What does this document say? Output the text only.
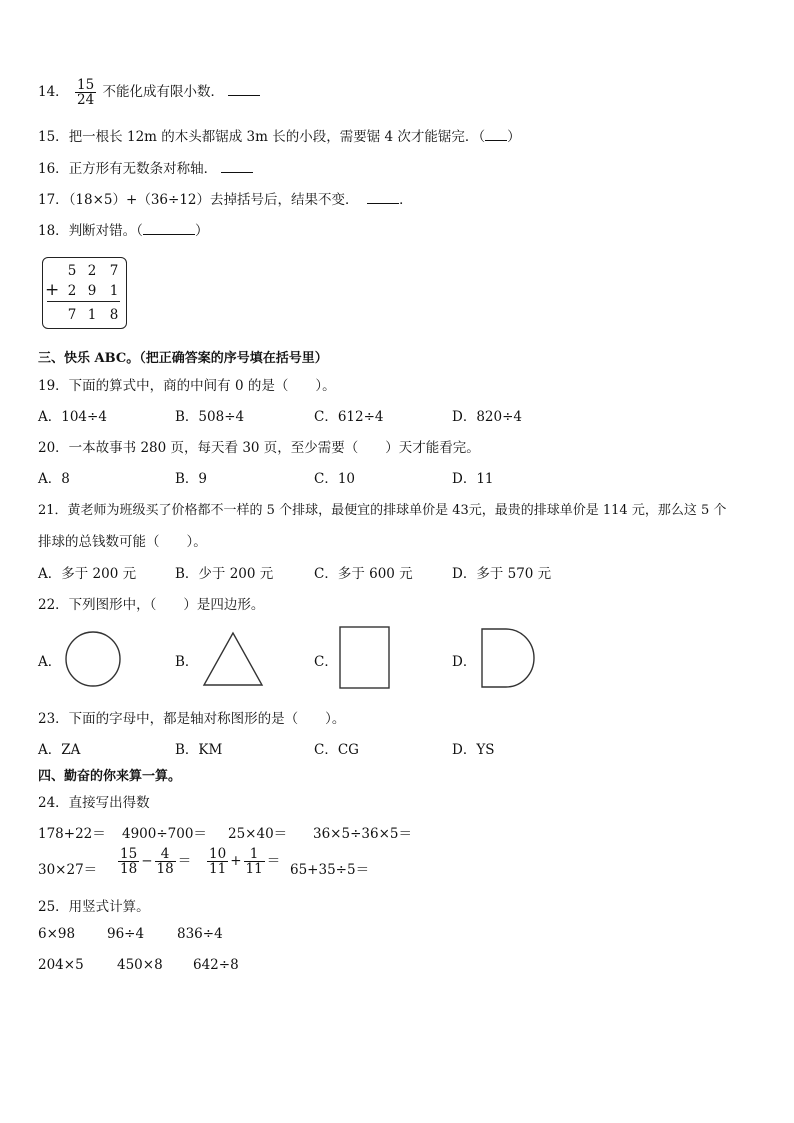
14． $\frac{15}{24}$ 不能化成有限小数．
15．把一根长 12m 的木头都锯成 3m 长的小段，需要锯 4 次才能锯完．（ ）
16．正方形有无数条对称轴．
17．（18×5）+（36÷12）去掉括号后，结果不变．	．
18．判断对错。（	）
5 2 7
+ 2 9 1
7 1 8
三、快乐 ABC。（把正确答案的序号填在括号里）
19．下面的算式中，商的中间有 0 的是（　　）。
A．104÷4	B．508÷4	C．612÷4	D．820÷4
20．一本故事书 280 页，每天看 30 页，至少需要（　　）天才能看完。
A．8	B．9	C．10	D．11
21．黄老师为班级买了价格都不一样的 5 个排球，最便宜的排球单价是 43元，最贵的排球单价是 114 元，那么这 5 个
排球的总钱数可能（　　）。
A．多于 200 元	B．少于 200 元	C．多于 600 元	D．多于 570 元
22．下列图形中，（　　）是四边形。
A．	B．	C．	D．
23．下面的字母中，都是轴对称图形的是（　　）。
A．ZA	B．KM	C．CG	D．YS
四、勤奋的你来算一算。
24．直接写出得数
178+22＝ 4900÷700＝ 25×40＝ 36×5÷36×5＝
$30\times 27= \frac{15}{18} - \frac{4}{18} = \frac{10}{11} + \frac{1}{11}$ ＝
65+35÷5＝
25．用竖式计算。
6×98 96÷4 836÷4
204×5 450×8 642÷8
